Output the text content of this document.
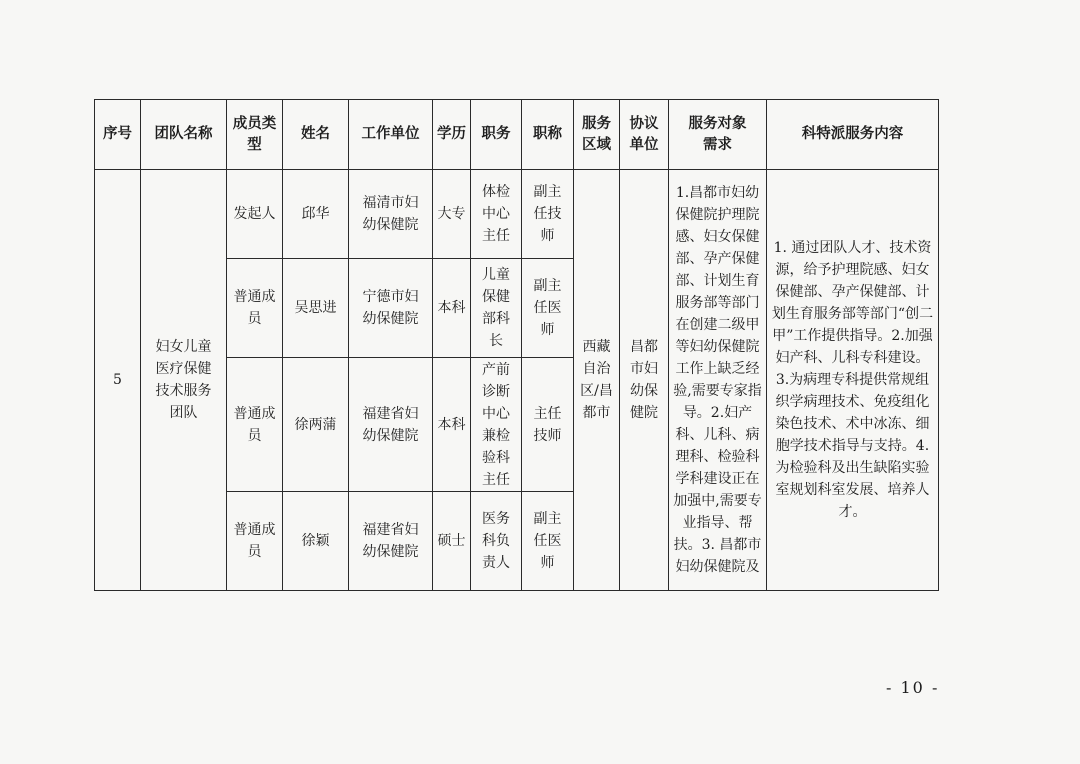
序号	团队名称	成员类型	姓名	工作单位	学历	职务	职称	服务区域	协议单位	服务对象需求	科特派服务内容
5	妇女儿童医疗保健技术服务团队	发起人	邱华	福清市妇幼保健院	大专	体检中心主任	副主任技师	西藏自治区/昌都市	昌都市妇幼保健院	1.昌都市妇幼保健院护理院感、妇女保健部、孕产保健部、计划生育服务部等部门在创建二级甲等妇幼保健院工作上缺乏经验,需要专家指导。2.妇产科、儿科、病理科、检验科学科建设正在加强中,需要专业指导、帮扶。3. 昌都市妇幼保健院及	1. 通过团队人才、技术资源，给予护理院感、妇女保健部、孕产保健部、计划生育服务部等部门“创二甲”工作提供指导。2.加强妇产科、儿科专科建设。3.为病理专科提供常规组织学病理技术、免疫组化染色技术、术中冰冻、细胞学技术指导与支持。4.为检验科及出生缺陷实验室规划科室发展、培养人才。
		普通成员	吴思进	宁德市妇幼保健院	本科	儿童保健部科长	副主任医师				
		普通成员	徐两蒲	福建省妇幼保健院	本科	产前诊断中心兼检验科主任	主任技师				
		普通成员	徐颖	福建省妇幼保健院	硕士	医务科负责人	副主任医师				
- 10 -
